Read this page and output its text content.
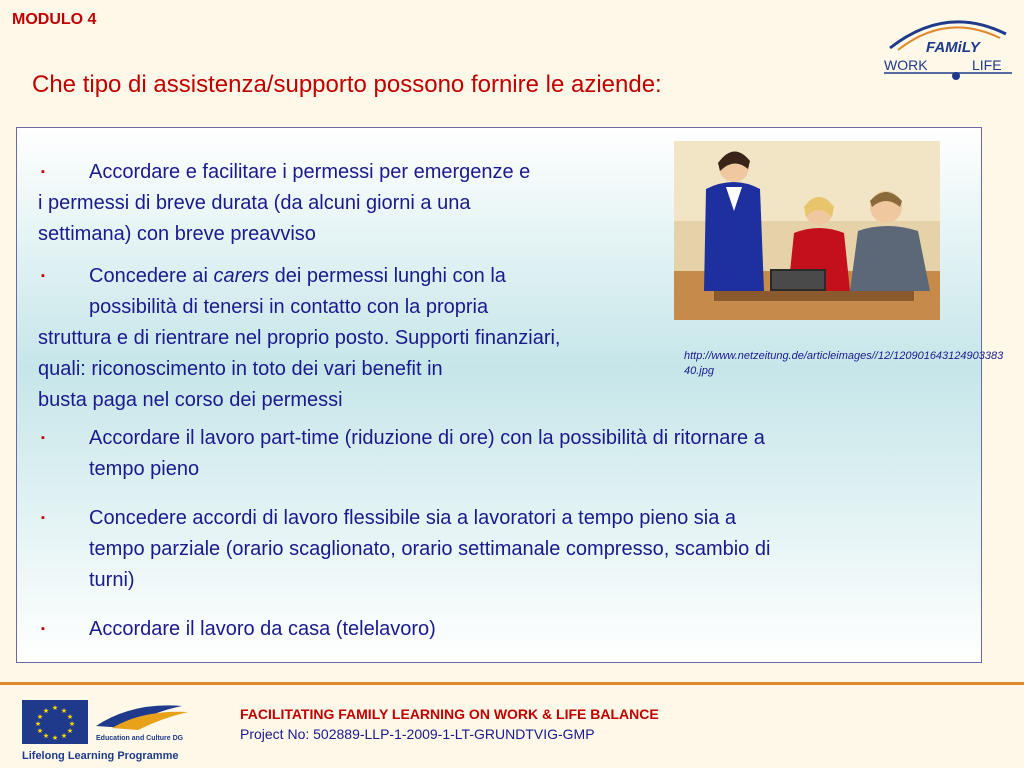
MODULO 4
Che tipo di assistenza/supporto possono fornire le aziende:
FAMiLY
WORK	LIFE
▪ Accordare e facilitare i permessi per emergenze e

i permessi di breve durata (da alcuni giorni a una

settimana) con breve preavviso

▪ Concedere ai carers dei permessi lunghi con la

possibilità di tenersi in contatto con la propria

struttura e di rientrare nel proprio posto. Supporti finanziari,

quali: riconoscimento in toto dei vari benefit in

busta paga nel corso dei permessi

▪ Accordare il lavoro part-time (riduzione di ore) con la possibilità di ritornare a

tempo pieno

▪ Concedere accordi di lavoro flessibile sia a lavoratori a tempo pieno sia a

tempo parziale (orario scaglionato, orario settimanale compresso, scambio di

turni)

▪ Accordare il lavoro da casa (telelavoro)

http://www.netzeitung.de/articleimages//12/12090164312490338340.jpg
★ ★
★
★
★
★
★
★
★
★
★
★
Education and Culture DG
Lifelong Learning Programme
FACILITATING FAMILY LEARNING ON WORK & LIFE BALANCE
Project No: 502889-LLP-1-2009-1-LT-GRUNDTVIG-GMP
